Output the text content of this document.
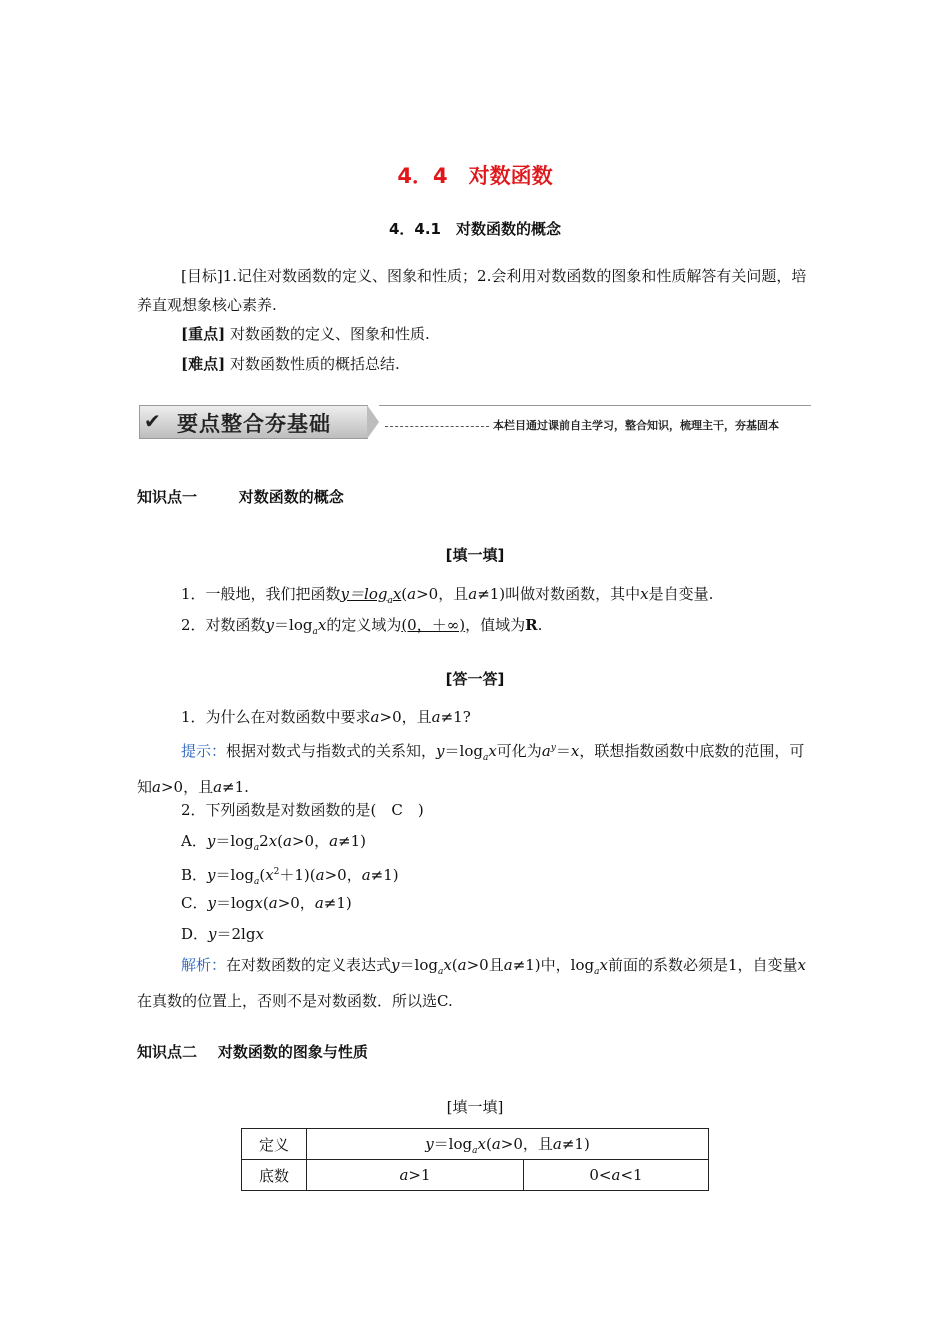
4．4　对数函数
4．4.1　对数函数的概念
[目标]1.记住对数函数的定义、图象和性质；2.会利用对数函数的图象和性质解答有关问题，培养直观想象核心素养.
[重点] 对数函数的定义、图象和性质.
[难点] 对数函数性质的概括总结.
✔ 要点整合夯基础	本栏目通过课前自主学习，整合知识，梳理主干，夯基固本
知识点一	对数函数的概念
[填一填]
1．一般地，我们把函数$y=\log_ax(a>0$，且a≠1)叫做对数函数，其中x是自变量.
2．对数函数$y=\log_ax$的定义域为(0，＋∞)，值域为R.
[答一答]
1．为什么在对数函数中要求a>0，且a≠1?
提示：根据对数式与指数式的关系知，$y=\log_ax$可化为$a^y=x$，联想指数函数中底数的范围，可知a>0，且a≠1.
2．下列函数是对数函数的是(　C　)
A．$y=\log_a2x(a>0$，a≠1)
B．$y=\log_a(x^2+1)(a>0$，a≠1)
C．y＝logx(a>0，a≠1)
D．y＝2lgx
解析：在对数函数的定义表达式$y=\log_ax(a>0$且a≠1)中，$\log_ax$前面的系数必须是1，自变量x在真数的位置上，否则不是对数函数．所以选C.
知识点二 对数函数的图象与性质
[填一填]
定义	$y=\log_ax(a>0$，且a≠1)	
底数	a>1	0<a<1
